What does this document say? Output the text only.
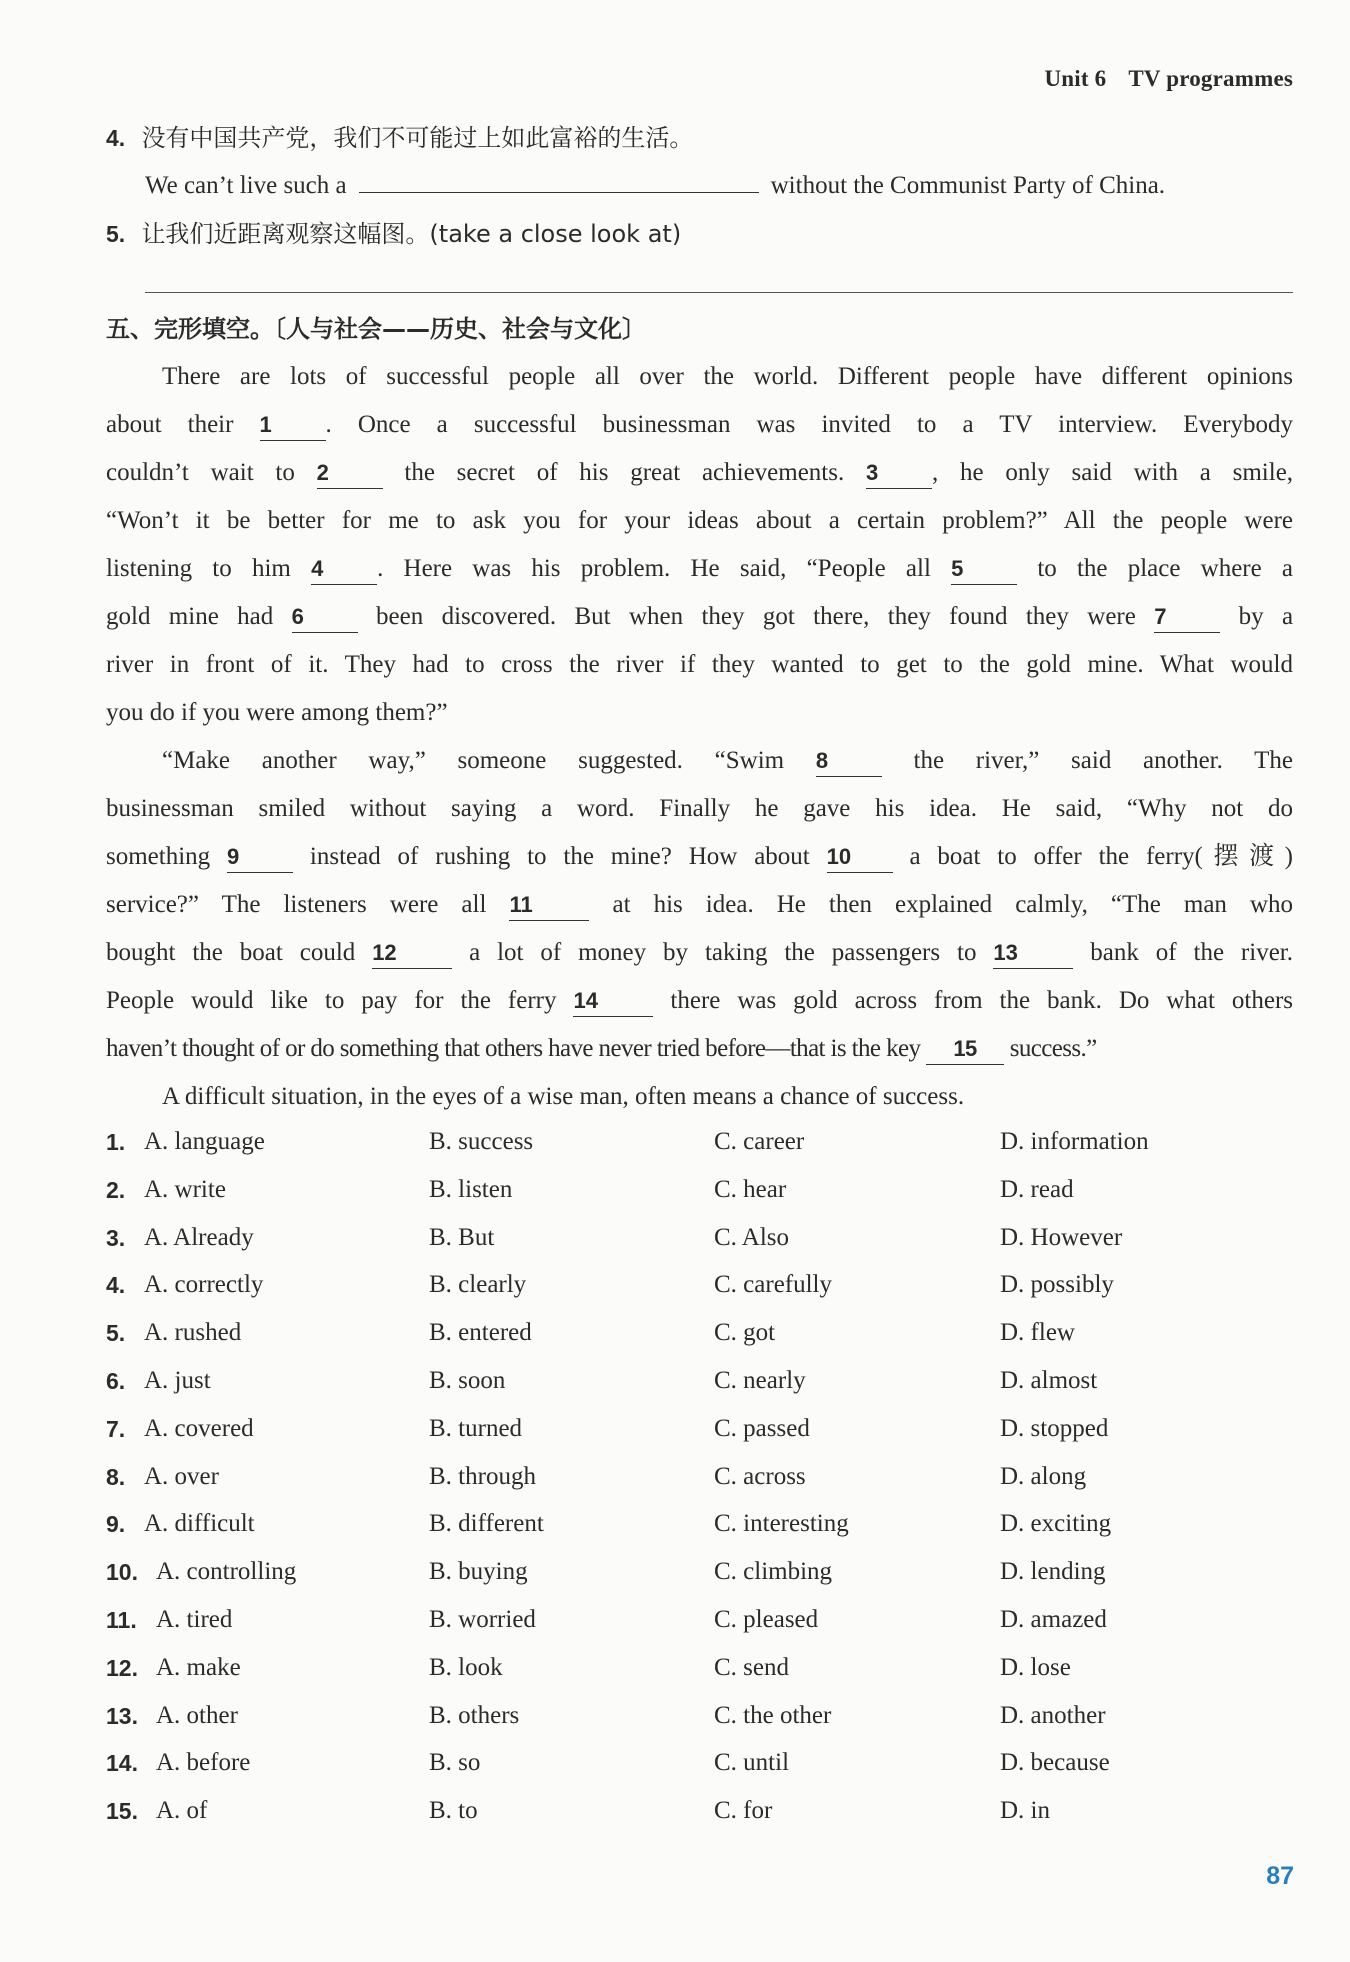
Unit 6 TV programmes
4. 没有中国共产党，我们不可能过上如此富裕的生活。
We can’t live such a	without the Communist Party of China.
5. 让我们近距离观察这幅图。(take a close look at)
五、完形填空。〔人与社会——历史、社会与文化〕
There are lots of successful people all over the world. Different people have different opinions
about their 1 . Once a successful businessman was invited to a TV interview. Everybody
couldn’t wait to 2	the secret of his great achievements. 3 , he only said with a smile,
“Won’t it be better for me to ask you for your ideas about a certain problem?” All the people were
listening to him 4 . Here was his problem. He said, “People all 5	to the place where a
gold mine had 6	been discovered. But when they got there, they found they were 7	by a
river in front of it. They had to cross the river if they wanted to get to the gold mine. What would
you do if you were among them?”
“Make another way,” someone suggested. “Swim 8	the river,” said another. The
businessman smiled without saying a word. Finally he gave his idea. He said, “Why not do
something 9	instead of rushing to the mine? How about 10 a boat to offer the ferry(摆渡)
service?” The listeners were all 11	at his idea. He then explained calmly, “The man who
bought the boat could 12	a lot of money by taking the passengers to 13	bank of the river.
People would like to pay for the ferry 14	there was gold across from the bank. Do what others
haven’t thought of or do something that others have never tried before—that is the key 15 success.”
A difficult situation, in the eyes of a wise man, often means a chance of success.
1. A. language	B. success	C. career	D. information
2. A. write	B. listen	C. hear	D. read
3. A. Already	B. But	C. Also	D. However
4. A. correctly	B. clearly	C. carefully	D. possibly
5. A. rushed	B. entered	C. got	D. flew
6. A. just	B. soon	C. nearly	D. almost
7. A. covered	B. turned	C. passed	D. stopped
8. A. over	B. through	C. across	D. along
9. A. difficult	B. different	C. interesting	D. exciting
10. A. controlling	B. buying	C. climbing	D. lending
11. A. tired	B. worried	C. pleased	D. amazed
12. A. make	B. look	C. send	D. lose
13. A. other	B. others	C. the other	D. another
14. A. before	B. so	C. until	D. because
15. A. of	B. to	C. for	D. in
87
